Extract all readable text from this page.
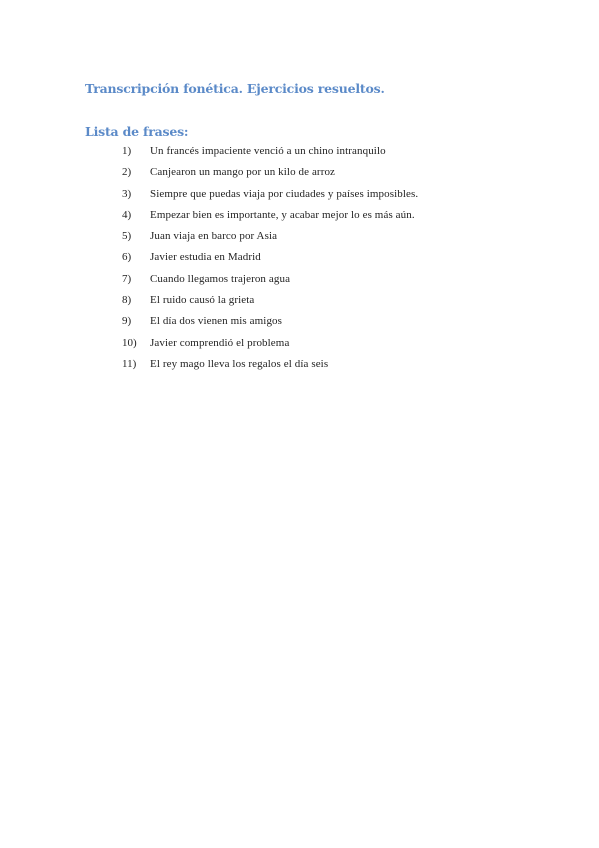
Transcripción fonética. Ejercicios resueltos.
Lista de frases:
1) Un francés impaciente venció a un chino intranquilo
2) Canjearon un mango por un kilo de arroz
3) Siempre que puedas viaja por ciudades y países imposibles.
4) Empezar bien es importante, y acabar mejor lo es más aún.
5) Juan viaja en barco por Asia
6) Javier estudia en Madrid
7) Cuando llegamos trajeron agua
8) El ruido causó la grieta
9) El día dos vienen mis amigos
10) Javier comprendió el problema
11) El rey mago lleva los regalos el día seis
